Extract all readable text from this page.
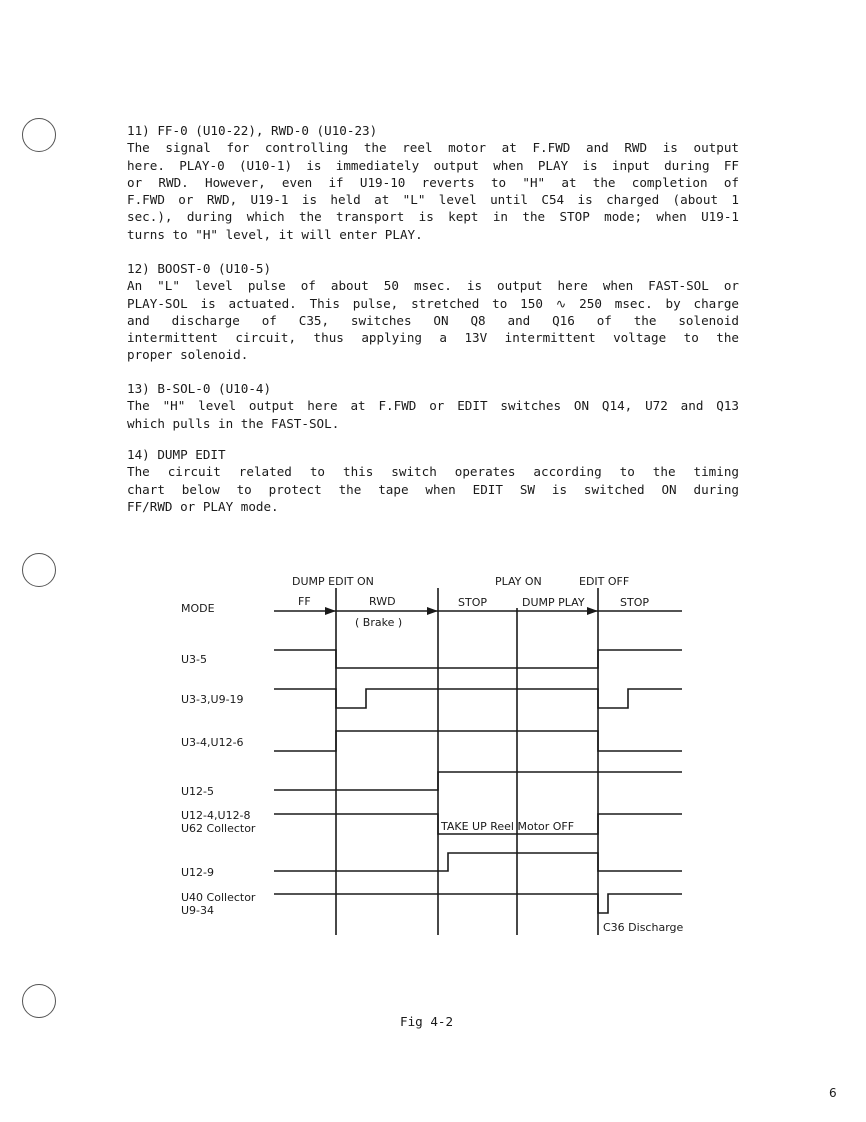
11) FF-0 (U10-22), RWD-0 (U10-23)
The signal for controlling the reel motor at F.FWD and RWD is output
here. PLAY-0 (U10-1) is immediately output when PLAY is input during FF
or RWD. However, even if U19-10 reverts to "H" at the completion of
F.FWD or RWD, U19-1 is held at "L" level until C54 is charged (about 1
sec.), during which the transport is kept in the STOP mode; when U19-1
turns to "H" level, it will enter PLAY.
12) BOOST-0 (U10-5)
An "L" level pulse of about 50 msec. is output here when FAST-SOL or
PLAY-SOL is actuated. This pulse, stretched to 150 ∿ 250 msec. by charge
and discharge of C35, switches ON Q8 and Q16 of the solenoid
intermittent circuit, thus applying a 13V intermittent voltage to the
proper solenoid.
13) B-SOL-0 (U10-4)
The "H" level output here at F.FWD or EDIT switches ON Q14, U72 and Q13
which pulls in the FAST-SOL.
14) DUMP EDIT
The circuit related to this switch operates according to the timing
chart below to protect the tape when EDIT SW is switched ON during
FF/RWD or PLAY mode.
DUMP EDIT ON	PLAY ON	EDIT OFF
MODE
FF	RWD
( Brake )
STOP	DUMP PLAY	STOP
U3-5
U3-3,U9-19
U3-4,U12-6
U12-5
U12-4,U12-8
U62 Collector
U12-9
U40 Collector
U9-34
TAKE UP Reel Motor OFF
C36 Discharge
Fig 4-2
6
